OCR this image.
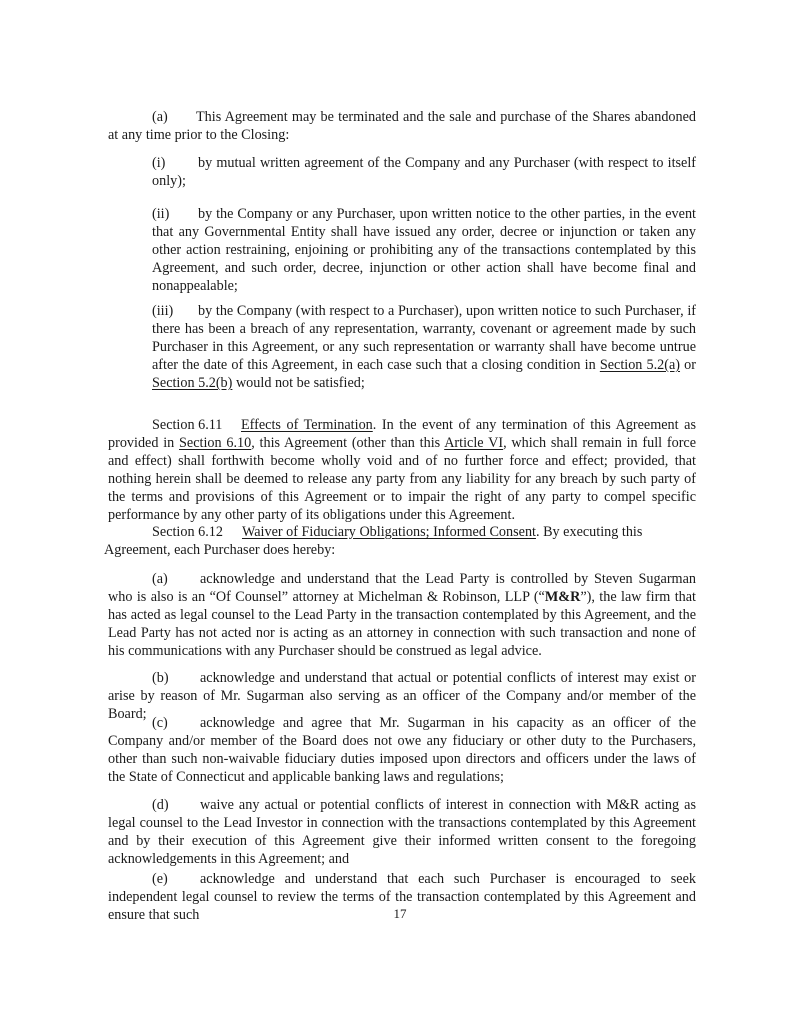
(a) This Agreement may be terminated and the sale and purchase of the Shares abandoned at any time prior to the Closing:

(i) by mutual written agreement of the Company and any Purchaser (with respect to itself only);

(ii) by the Company or any Purchaser, upon written notice to the other parties, in the event that any Governmental Entity shall have issued any order, decree or injunction or taken any other action restraining, enjoining or prohibiting any of the transactions contemplated by this Agreement, and such order, decree, injunction or other action shall have become final and nonappealable;

(iii) by the Company (with respect to a Purchaser), upon written notice to such Purchaser, if there has been a breach of any representation, warranty, covenant or agreement made by such Purchaser in this Agreement, or any such representation or warranty shall have become untrue after the date of this Agreement, in each case such that a closing condition in Section 5.2(a) or Section 5.2(b) would not be satisfied;

Section 6.11 Effects of Termination. In the event of any termination of this Agreement as provided in Section 6.10, this Agreement (other than this Article VI, which shall remain in full force and effect) shall forthwith become wholly void and of no further force and effect; provided, that nothing herein shall be deemed to release any party from any liability for any breach by such party of the terms and provisions of this Agreement or to impair the right of any party to compel specific performance by any other party of its obligations under this Agreement.

Section 6.12 Waiver of Fiduciary Obligations; Informed Consent. By executing this Agreement, each Purchaser does hereby:

(a) acknowledge and understand that the Lead Party is controlled by Steven Sugarman who is also is an “Of Counsel” attorney at Michelman & Robinson, LLP (“M&R”), the law firm that has acted as legal counsel to the Lead Party in the transaction contemplated by this Agreement, and the Lead Party has not acted nor is acting as an attorney in connection with such transaction and none of his communications with any Purchaser should be construed as legal advice.

(b) acknowledge and understand that actual or potential conflicts of interest may exist or arise by reason of Mr. Sugarman also serving as an officer of the Company and/or member of the Board;

(c) acknowledge and agree that Mr. Sugarman in his capacity as an officer of the Company and/or member of the Board does not owe any fiduciary or other duty to the Purchasers, other than such non-waivable fiduciary duties imposed upon directors and officers under the laws of the State of Connecticut and applicable banking laws and regulations;

(d) waive any actual or potential conflicts of interest in connection with M&R acting as legal counsel to the Lead Investor in connection with the transactions contemplated by this Agreement and by their execution of this Agreement give their informed written consent to the foregoing acknowledgements in this Agreement; and

(e) acknowledge and understand that each such Purchaser is encouraged to seek independent legal counsel to review the terms of the transaction contemplated by this Agreement and ensure that such	17
